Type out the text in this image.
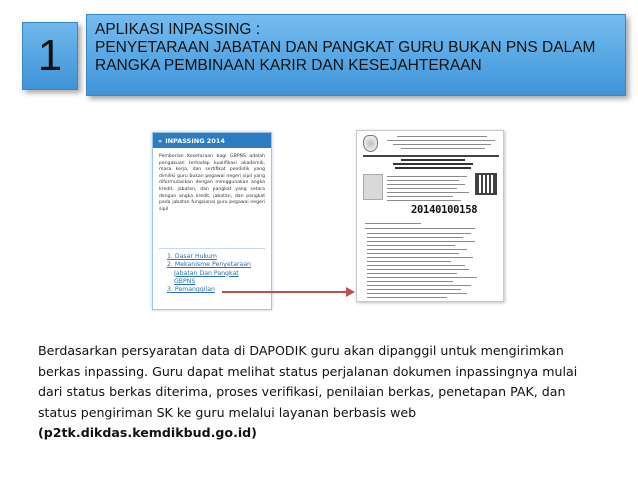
1
APLIKASI INPASSING :
PENYETARAAN JABATAN DAN PANGKAT GURU BUKAN PNS DALAM
RANGKA PEMBINAAN KARIR DAN KESEJAHTERAAN
» INPASSING 2014
Pemberian Kesetaraan bagi GBPNS adalah pengakuan terhadap kualifikasi akademik, masa kerja, dan sertifikat pendidik yang dimiliki guru bukan pegawai negeri sipil yang diformulasikan dengan menggunakan angka kredit, jabatan, dan pangkat yang setara dengan angka kredit, jabatan, dan pangkat pada jabatan fungsional guru pegawai negeri sipil
1. Dasar Hukum
2. Mekanisme Penyetaraan
Jabatan Dan Pangkat
GBPNS
3. Pemanggilan
20140100158

Berdasarkan persyaratan data di DAPODIK guru akan dipanggil untuk mengirimkan

berkas inpassing. Guru dapat melihat status perjalanan dokumen inpassingnya mulai

dari status berkas diterima, proses verifikasi, penilaian berkas, penetapan PAK, dan

status pengiriman SK ke guru melalui layanan berbasis web

(p2tk.dikdas.kemdikbud.go.id)
